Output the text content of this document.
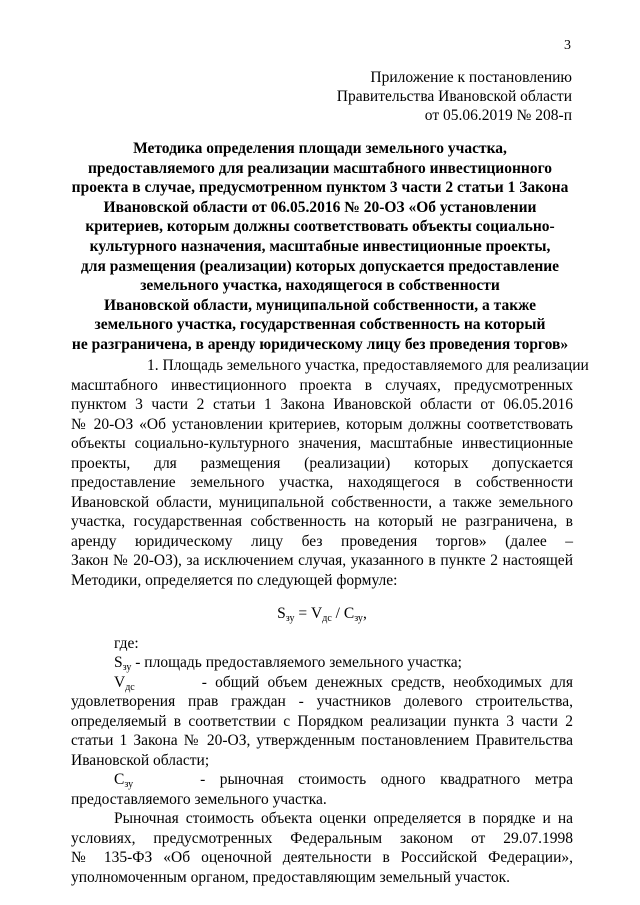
3
Приложение к постановлению
Правительства Ивановской области
от 05.06.2019 № 208-п
Методика определения площади земельного участка,
предоставляемого для реализации масштабного инвестиционного
проекта в случае, предусмотренном пунктом 3 части 2 статьи 1 Закона
Ивановской области от 06.05.2016 № 20-ОЗ «Об установлении
критериев, которым должны соответствовать объекты социально-
культурного назначения, масштабные инвестиционные проекты,
для размещения (реализации) которых допускается предоставление
земельного участка, находящегося в собственности
Ивановской области, муниципальной собственности, а также
земельного участка, государственная собственность на который
не разграничена, в аренду юридическому лицу без проведения торгов»
1. Площадь земельного участка, предоставляемого для реализации
масштабного инвестиционного проекта в случаях, предусмотренных
пунктом 3 части 2 статьи 1 Закона Ивановской области от 06.05.2016
№ 20-ОЗ «Об установлении критериев, которым должны соответствовать
объекты социально-культурного значения, масштабные инвестиционные
проекты, для размещения (реализации) которых допускается
предоставление земельного участка, находящегося в собственности
Ивановской области, муниципальной собственности, а также земельного
участка, государственная собственность на который не разграничена, в
аренду юридическому лицу без проведения торгов» (далее –
Закон № 20-ОЗ), за исключением случая, указанного в пункте 2 настоящей
Методики, определяется по следующей формуле:
$S_{зу} = V_{дс} / C_{зу}$,
где:
$S_{зу}$ - площадь предоставляемого земельного участка;
$V_{дс}$	- общий объем денежных средств, необходимых для
удовлетворения прав граждан - участников долевого строительства,
определяемый в соответствии с Порядком реализации пункта 3 части 2
статьи 1 Закона № 20-ОЗ, утвержденным постановлением Правительства
Ивановской области;
$C_{зу}$	- рыночная стоимость одного квадратного метра
предоставляемого земельного участка.
Рыночная стоимость объекта оценки определяется в порядке и на
условиях, предусмотренных Федеральным законом от 29.07.1998
№ 135-ФЗ «Об оценочной деятельности в Российской Федерации»,
уполномоченным органом, предоставляющим земельный участок.
